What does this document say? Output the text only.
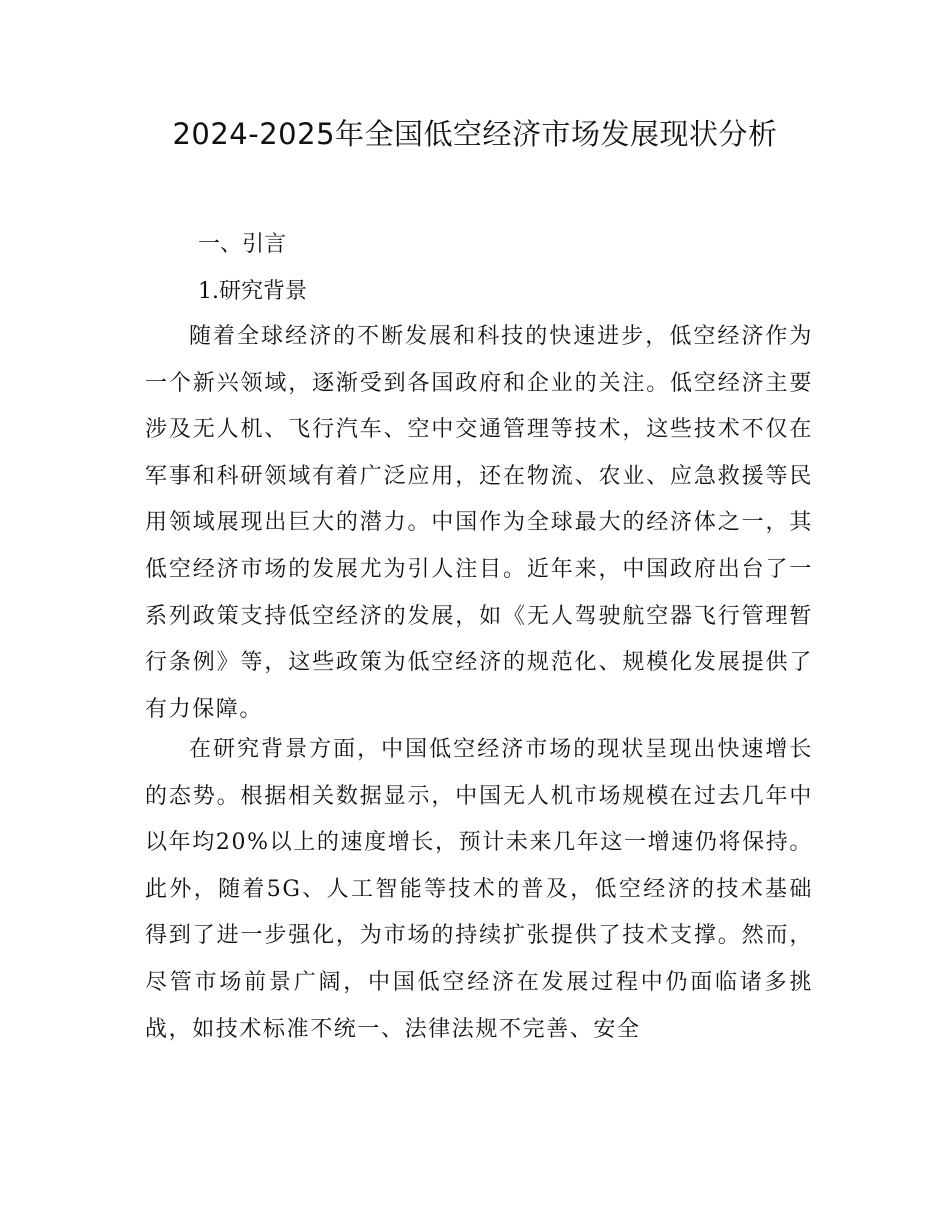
2024-2025年全国低空经济市场发展现状分析
一、引言
1.研究背景

随着全球经济的不断发展和科技的快速进步，低空经济作为一个新兴领域，逐渐受到各国政府和企业的关注。低空经济主要涉及无人机、飞行汽车、空中交通管理等技术，这些技术不仅在军事和科研领域有着广泛应用，还在物流、农业、应急救援等民用领域展现出巨大的潜力。中国作为全球最大的经济体之一，其低空经济市场的发展尤为引人注目。近年来，中国政府出台了一系列政策支持低空经济的发展，如《无人驾驶航空器飞行管理暂行条例》等，这些政策为低空经济的规范化、规模化发展提供了有力保障。

在研究背景方面，中国低空经济市场的现状呈现出快速增长的态势。根据相关数据显示，中国无人机市场规模在过去几年中以年均20%以上的速度增长，预计未来几年这一增速仍将保持。此外，随着5G、人工智能等技术的普及，低空经济的技术基础得到了进一步强化，为市场的持续扩张提供了技术支撑。然而，尽管市场前景广阔，中国低空经济在发展过程中仍面临诸多挑战，如技术标准不统一、法律法规不完善、安全
